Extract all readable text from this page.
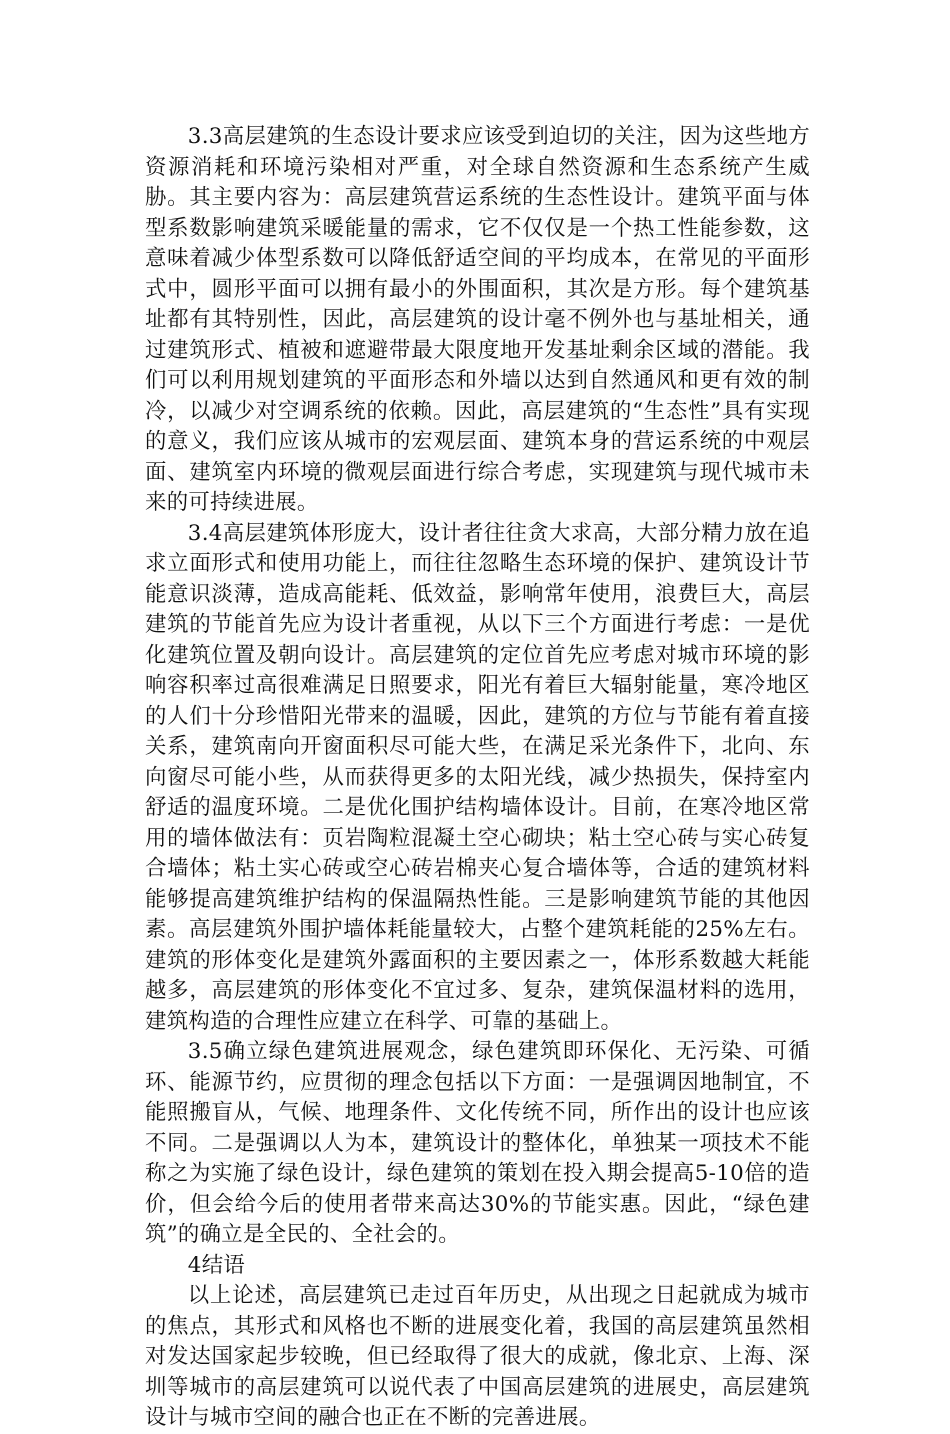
3.3高层建筑的生态设计要求应该受到迫切的关注，因为这些地方资源消耗和环境污染相对严重，对全球自然资源和生态系统产生威胁。其主要内容为：高层建筑营运系统的生态性设计。建筑平面与体型系数影响建筑采暖能量的需求，它不仅仅是一个热工性能参数，这意味着减少体型系数可以降低舒适空间的平均成本，在常见的平面形式中，圆形平面可以拥有最小的外围面积，其次是方形。每个建筑基址都有其特别性，因此，高层建筑的设计毫不例外也与基址相关，通过建筑形式、植被和遮避带最大限度地开发基址剩余区域的潜能。我们可以利用规划建筑的平面形态和外墙以达到自然通风和更有效的制冷，以减少对空调系统的依赖。因此，高层建筑的“生态性”具有实现的意义，我们应该从城市的宏观层面、建筑本身的营运系统的中观层面、建筑室内环境的微观层面进行综合考虑，实现建筑与现代城市未来的可持续进展。

3.4高层建筑体形庞大，设计者往往贪大求高，大部分精力放在追求立面形式和使用功能上，而往往忽略生态环境的保护、建筑设计节能意识淡薄，造成高能耗、低效益，影响常年使用，浪费巨大，高层建筑的节能首先应为设计者重视，从以下三个方面进行考虑：一是优化建筑位置及朝向设计。高层建筑的定位首先应考虑对城市环境的影响容积率过高很难满足日照要求，阳光有着巨大辐射能量，寒冷地区的人们十分珍惜阳光带来的温暖，因此，建筑的方位与节能有着直接关系，建筑南向开窗面积尽可能大些，在满足采光条件下，北向、东向窗尽可能小些，从而获得更多的太阳光线，减少热损失，保持室内舒适的温度环境。二是优化围护结构墙体设计。目前，在寒冷地区常用的墙体做法有：页岩陶粒混凝土空心砌块；粘土空心砖与实心砖复合墙体；粘土实心砖或空心砖岩棉夹心复合墙体等，合适的建筑材料能够提高建筑维护结构的保温隔热性能。三是影响建筑节能的其他因素。高层建筑外围护墙体耗能量较大，占整个建筑耗能的25%左右。建筑的形体变化是建筑外露面积的主要因素之一，体形系数越大耗能越多，高层建筑的形体变化不宜过多、复杂，建筑保温材料的选用，建筑构造的合理性应建立在科学、可靠的基础上。

3.5确立绿色建筑进展观念，绿色建筑即环保化、无污染、可循环、能源节约，应贯彻的理念包括以下方面：一是强调因地制宜，不能照搬盲从，气候、地理条件、文化传统不同，所作出的设计也应该不同。二是强调以人为本，建筑设计的整体化，单独某一项技术不能称之为实施了绿色设计，绿色建筑的策划在投入期会提高5-10倍的造价，但会给今后的使用者带来高达30%的节能实惠。因此，“绿色建筑”的确立是全民的、全社会的。

4结语

以上论述，高层建筑已走过百年历史，从出现之日起就成为城市的焦点，其形式和风格也不断的进展变化着，我国的高层建筑虽然相对发达国家起步较晚，但已经取得了很大的成就，像北京、上海、深圳等城市的高层建筑可以说代表了中国高层建筑的进展史，高层建筑设计与城市空间的融合也正在不断的完善进展。
